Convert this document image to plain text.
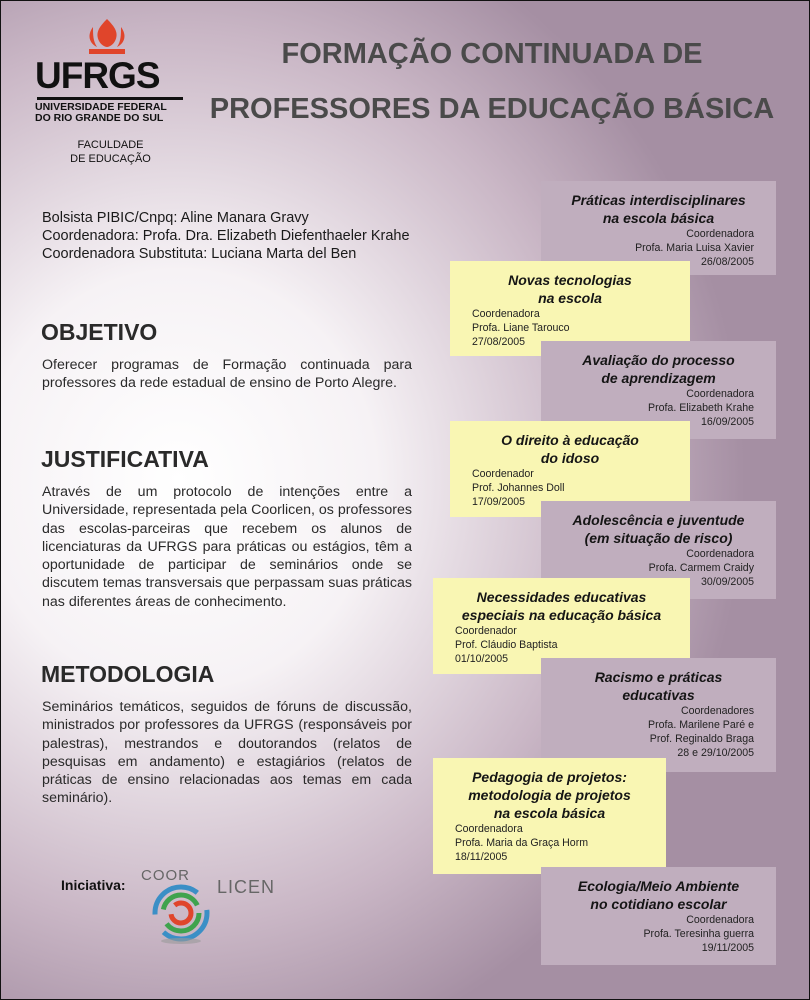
UFRGS
UNIVERSIDADE FEDERAL
DO RIO GRANDE DO SUL
FACULDADE
DE EDUCAÇÃO
FORMAÇÃO CONTINUADA DE
PROFESSORES DA EDUCAÇÃO BÁSICA
Bolsista PIBIC/Cnpq: Aline Manara Gravy
Coordenadora: Profa. Dra. Elizabeth Diefenthaeler Krahe
Coordenadora Substituta: Luciana Marta del Ben
OBJETIVO
Oferecer programas de Formação continuada para professores da rede estadual de ensino de Porto Alegre.
JUSTIFICATIVA
Através de um protocolo de intenções entre a Universidade, representada pela Coorlicen, os professores das escolas-parceiras que recebem os alunos de licenciaturas da UFRGS para práticas ou estágios, têm a oportunidade de participar de seminários onde se discutem temas transversais que perpassam suas práticas nas diferentes áreas de conhecimento.
METODOLOGIA
Seminários temáticos, seguidos de fóruns de discussão, ministrados por professores da UFRGS (responsáveis por palestras), mestrandos e doutorandos (relatos de pesquisas em andamento) e estagiários (relatos de práticas de ensino relacionadas aos temas em cada seminário).
Práticas interdisciplinares
na escola básica
Coordenadora
Profa. Maria Luisa Xavier
26/08/2005
Novas tecnologias
na escola
Coordenadora
Profa. Liane Tarouco
27/08/2005
Avaliação do processo
de aprendizagem
Coordenadora
Profa. Elizabeth Krahe
16/09/2005
O direito à educação
do idoso
Coordenador
Prof. Johannes Doll
17/09/2005
Adolescência e juventude
(em situação de risco)
Coordenadora
Profa. Carmem Craidy
30/09/2005
Necessidades educativas
especiais na educação básica
Coordenador
Prof. Cláudio Baptista
01/10/2005
Racismo e práticas
educativas
Coordenadores
Profa. Marilene Paré e
Prof. Reginaldo Braga
28 e 29/10/2005
Pedagogia de projetos:
metodologia de projetos
na escola básica
Coordenadora
Profa. Maria da Graça Horm
18/11/2005
Ecologia/Meio Ambiente
no cotidiano escolar
Coordenadora
Profa. Teresinha guerra
19/11/2005
Iniciativa:
COOR
LICEN
